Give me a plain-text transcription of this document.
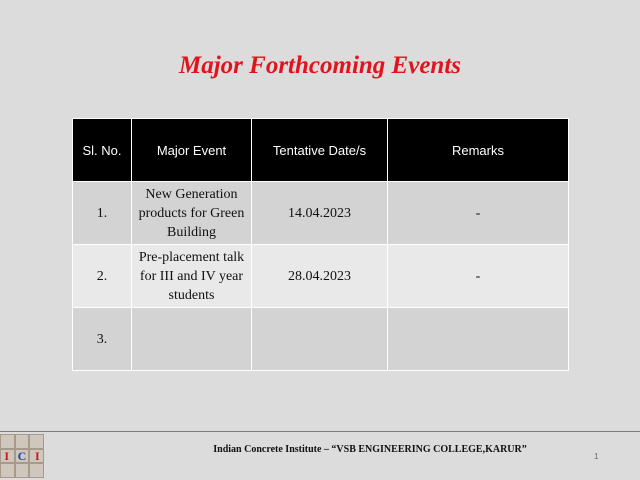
Major Forthcoming Events
Sl. No.	Major Event	Tentative Date/s	Remarks
1.	New Generation products for Green Building	14.04.2023	-
2.	Pre-placement talk for III and IV year students	28.04.2023	-
3.			
I C I	Indian Concrete Institute – “VSB ENGINEERING COLLEGE,KARUR”
1
